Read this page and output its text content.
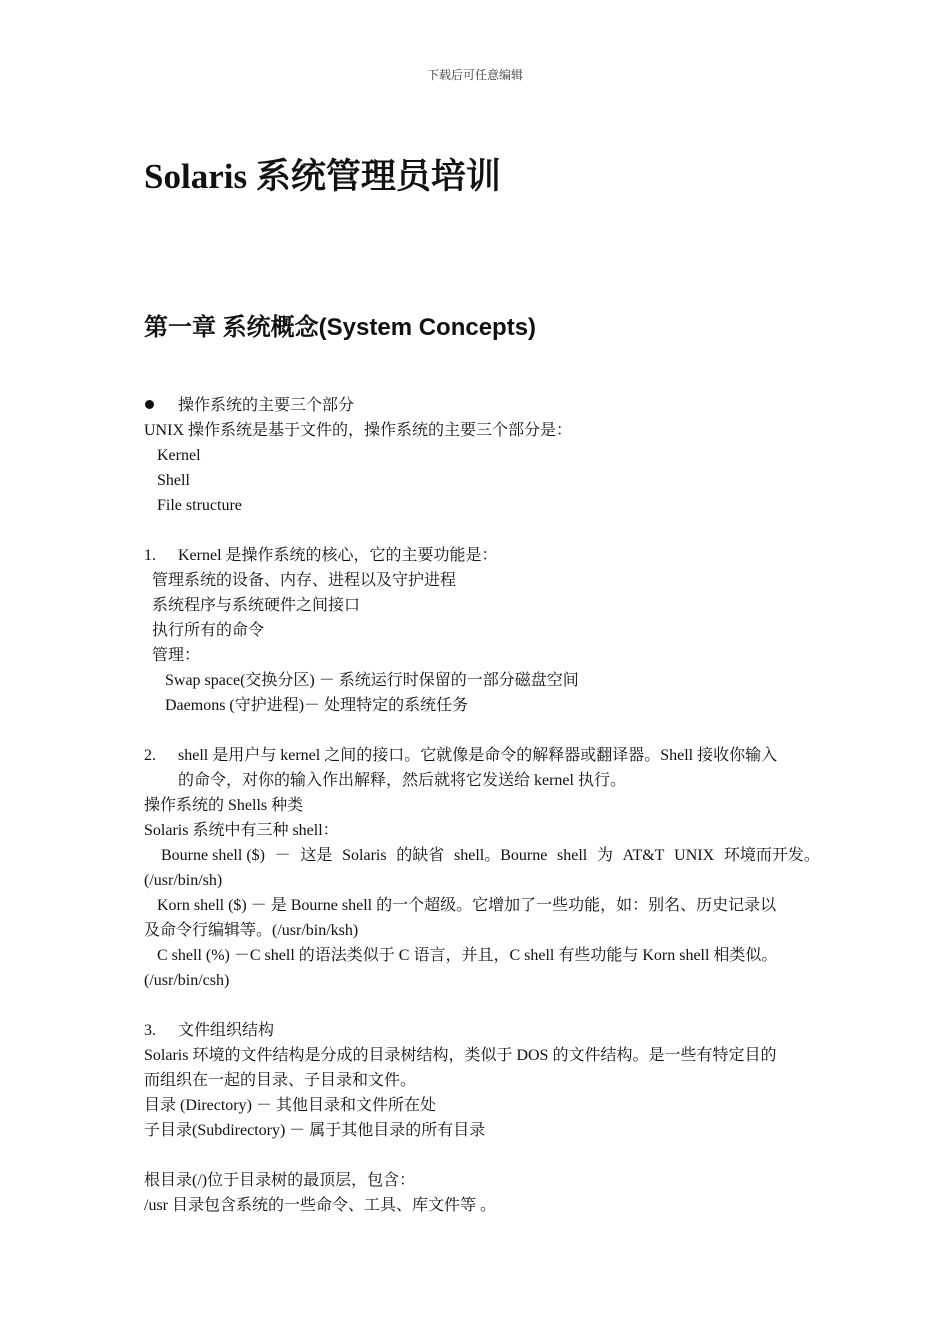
下载后可任意编辑
Solaris 系统管理员培训
第一章 系统概念(System Concepts)
操作系统的主要三个部分
UNIX 操作系统是基于文件的，操作系统的主要三个部分是：
Kernel
Shell
File structure
1. Kernel 是操作系统的核心，它的主要功能是：
管理系统的设备、内存、进程以及守护进程
系统程序与系统硬件之间接口
执行所有的命令
管理：
Swap space(交换分区) － 系统运行时保留的一部分磁盘空间
Daemons (守护进程)－ 处理特定的系统任务
2. shell 是用户与 kernel 之间的接口。它就像是命令的解释器或翻译器。Shell 接收你输入
的命令，对你的输入作出解释，然后就将它发送给 kernel 执行。
操作系统的 Shells 种类
Solaris 系统中有三种 shell：
Bourne shell ($) － 这是 Solaris 的缺省 shell。Bourne shell 为 AT&T UNIX 环境而开发。
(/usr/bin/sh)
Korn shell ($) － 是 Bourne shell 的一个超级。它增加了一些功能，如：别名、历史记录以
及命令行编辑等。(/usr/bin/ksh)
C shell (%) －C shell 的语法类似于 C 语言，并且，C shell 有些功能与 Korn shell 相类似。
(/usr/bin/csh)
3. 文件组织结构
Solaris 环境的文件结构是分成的目录树结构，类似于 DOS 的文件结构。是一些有特定目的
而组织在一起的目录、子目录和文件。
目录 (Directory) － 其他目录和文件所在处
子目录(Subdirectory) － 属于其他目录的所有目录
根目录(/)位于目录树的最顶层，包含：
/usr 目录包含系统的一些命令、工具、库文件等 。
